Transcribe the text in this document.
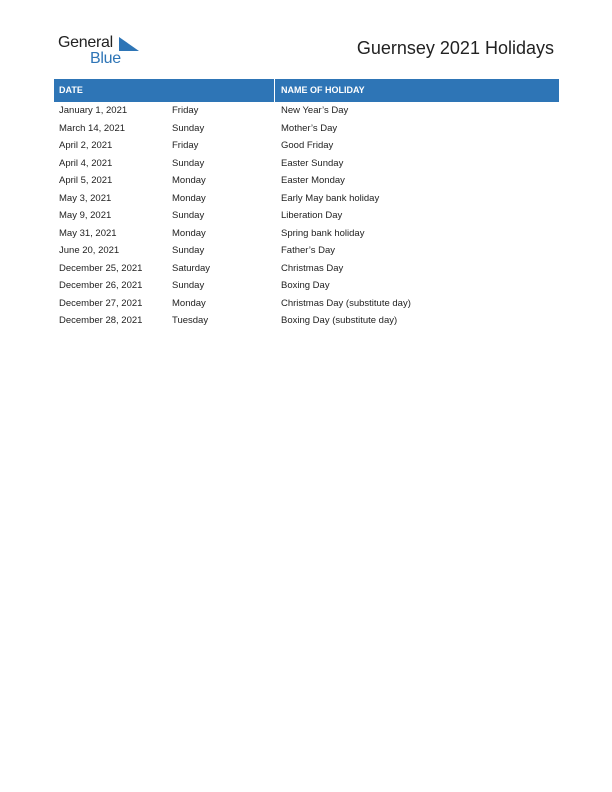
General
Blue
Guernsey 2021 Holidays
DATE	NAME OF HOLIDAY
January 1, 2021	Friday	New Year’s Day
March 14, 2021	Sunday	Mother’s Day
April 2, 2021	Friday	Good Friday
April 4, 2021	Sunday	Easter Sunday
April 5, 2021	Monday	Easter Monday
May 3, 2021	Monday	Early May bank holiday
May 9, 2021	Sunday	Liberation Day
May 31, 2021	Monday	Spring bank holiday
June 20, 2021	Sunday	Father’s Day
December 25, 2021	Saturday	Christmas Day
December 26, 2021	Sunday	Boxing Day
December 27, 2021	Monday	Christmas Day (substitute day)
December 28, 2021	Tuesday	Boxing Day (substitute day)
